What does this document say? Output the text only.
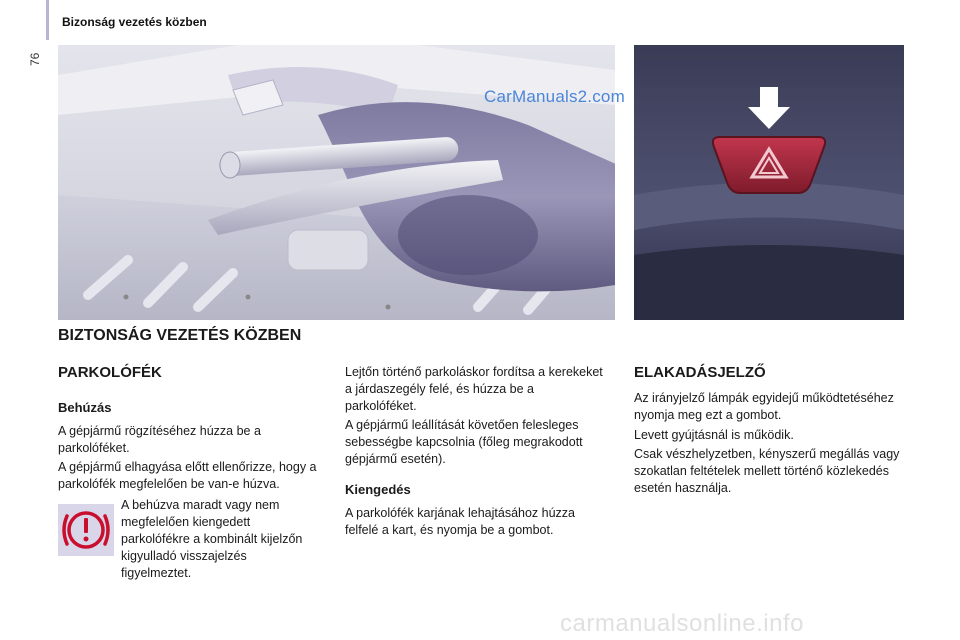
76
Bizonság vezetés közben
CarManuals2.com
BIZTONSÁG VEZETÉS KÖZBEN
PARKOLÓFÉK
Behúzás

A gépjármű rögzítéséhez húzza be a parkolóféket.

A gépjármű elhagyása előtt ellenőrizze, hogy a parkolófék megfelelően be van-e húzva.

A behúzva maradt vagy nem megfelelően kiengedett parkolófékre a kombinált kijelzőn kigyulladó visszajelzés figyelmeztet.

Lejtőn történő parkoláskor fordítsa a kerekeket a járdaszegély felé, és húzza be a parkolóféket.

A gépjármű leállítását követően felesleges sebességbe kapcsolnia (főleg megrakodott gépjármű esetén).

Kiengedés

A parkolófék karjának lehajtásához húzza felfelé a kart, és nyomja be a gombot.

ELAKADÁSJELZŐ

Az irányjelző lámpák egyidejű működtetéséhez nyomja meg ezt a gombot.

Levett gyújtásnál is működik.

Csak vészhelyzetben, kényszerű megállás vagy szokatlan feltételek mellett történő közlekedés esetén használja.

carmanualsonline.info
